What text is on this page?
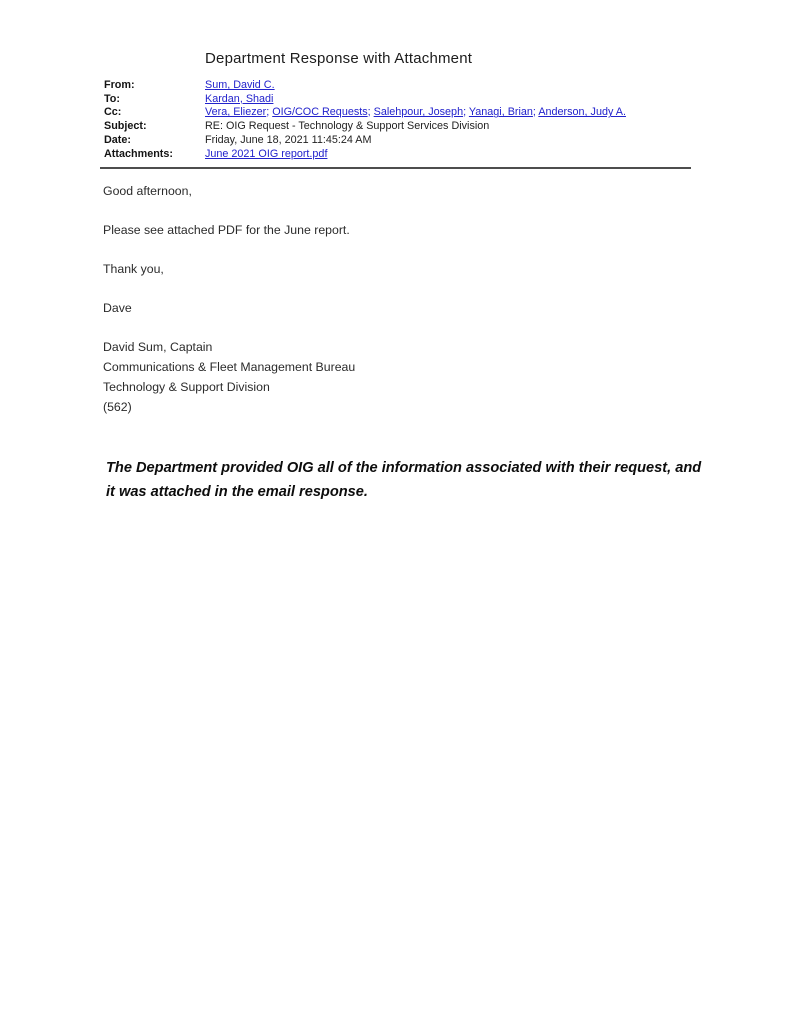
Department Response with Attachment
From:	Sum, David C.
To:	Kardan, Shadi
Cc:	Vera, Eliezer; OIG/COC Requests; Salehpour, Joseph; Yanagi, Brian; Anderson, Judy A.
Subject:	RE: OIG Request - Technology & Support Services Division
Date:	Friday, June 18, 2021 11:45:24 AM
Attachments:	June 2021 OIG report.pdf

Good afternoon,

Please see attached PDF for the June report.

Thank you,

Dave

David Sum, Captain
Communications & Fleet Management Bureau
Technology & Support Division
(562)
The Department provided OIG all of the information associated with their request, and
it was attached in the email response.
